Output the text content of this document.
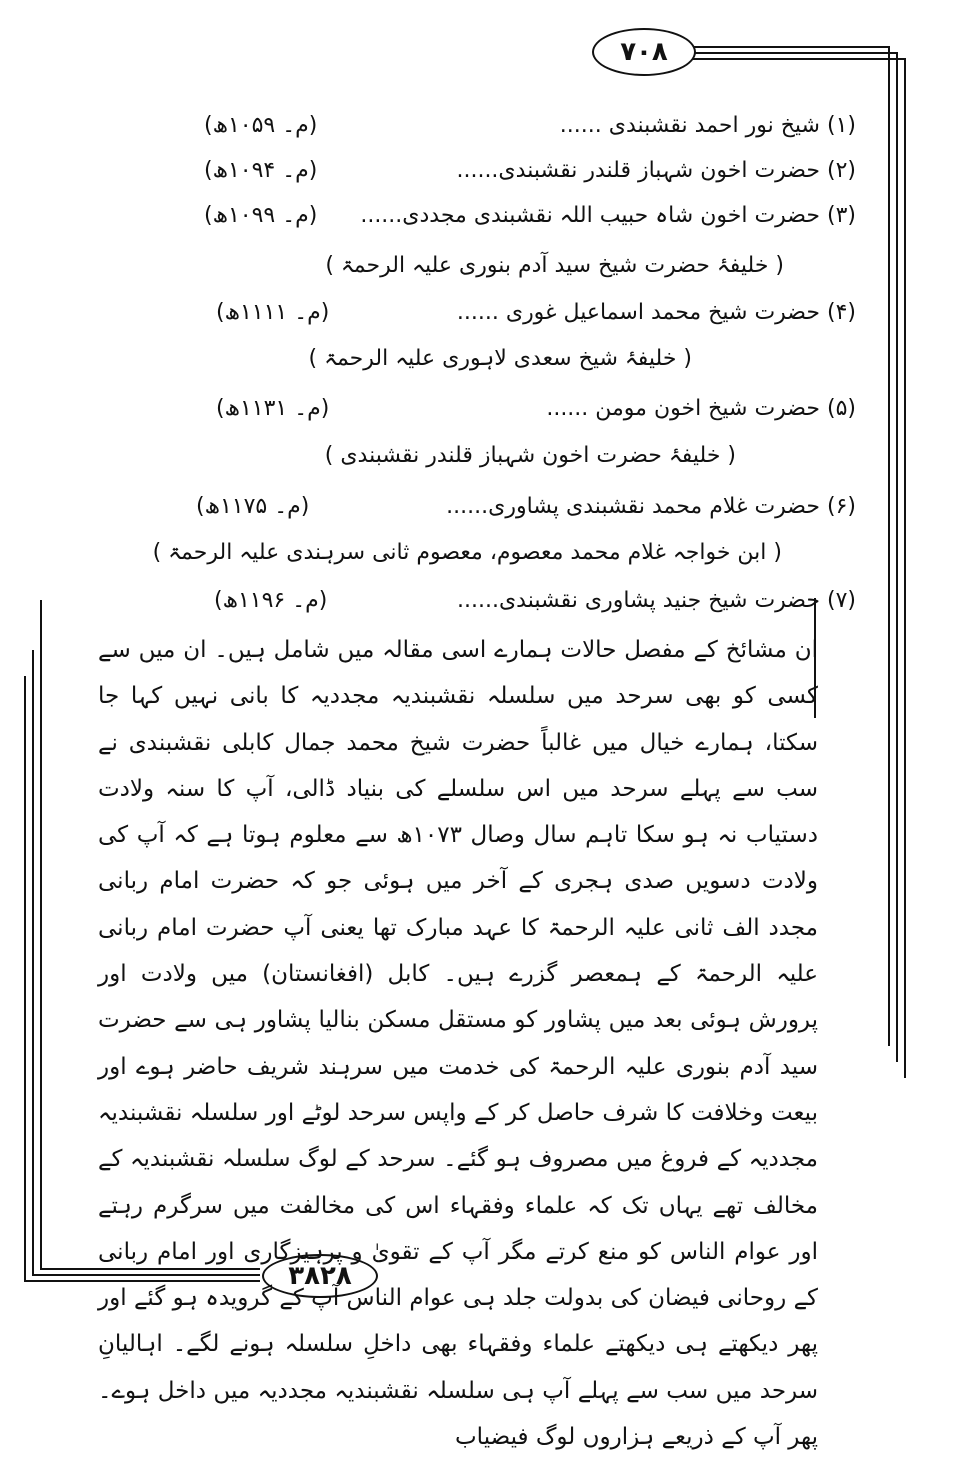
۷۰۸
۳۸۲۸
(۱) شیخ نور احمد نقشبندی ......
(م۔ ۱۰۵۹ھ)
(۲) حضرت اخون شہباز قلندر نقشبندی......
(م۔ ۱۰۹۴ھ)
(۳) حضرت اخون شاہ حبیب اللہ نقشبندی مجددی......
(م۔ ۱۰۹۹ھ)
( خلیفۂ حضرت شیخ سید آدم بنوری علیہ الرحمۃ )
(۴) حضرت شیخ محمد اسماعیل غوری ......
(م۔ ۱۱۱۱ھ)
( خلیفۂ شیخ سعدی لاہوری علیہ الرحمۃ )
(۵) حضرت شیخ اخون مومن ......
(م۔ ۱۱۳۱ھ)
( خلیفۂ حضرت اخون شہباز قلندر نقشبندی )
(۶) حضرت غلام محمد نقشبندی پشاوری......
(م۔ ۱۱۷۵ھ)
( ابن خواجہ غلام محمد معصوم، معصوم ثانی سرہندی علیہ الرحمۃ )
(۷) حضرت شیخ جنید پشاوری نقشبندی......
(م۔ ۱۱۹۶ھ)
ان مشائخ کے مفصل حالات ہمارے اسی مقالہ میں شامل ہیں۔ ان میں سے کسی کو بھی سرحد میں سلسلہ نقشبندیہ مجددیہ کا بانی نہیں کہا جا سکتا، ہمارے خیال میں غالباً حضرت شیخ محمد جمال کابلی نقشبندی نے سب سے پہلے سرحد میں اس سلسلے کی بنیاد ڈالی، آپ کا سنہ ولادت دستیاب نہ ہو سکا تاہم سال وصال ۱۰۷۳ھ سے معلوم ہوتا ہے کہ آپ کی ولادت دسویں صدی ہجری کے آخر میں ہوئی جو کہ حضرت امام ربانی مجدد الف ثانی علیہ الرحمۃ کا عہد مبارک تھا یعنی آپ حضرت امام ربانی علیہ الرحمۃ کے ہمعصر گزرے ہیں۔ کابل (افغانستان) میں ولادت اور پرورش ہوئی بعد میں پشاور کو مستقل مسکن بنالیا پشاور ہی سے حضرت سید آدم بنوری علیہ الرحمۃ کی خدمت میں سرہند شریف حاضر ہوے اور بیعت وخلافت کا شرف حاصل کر کے واپس سرحد لوٹے اور سلسلہ نقشبندیہ مجددیہ کے فروغ میں مصروف ہو گئے۔ سرحد کے لوگ سلسلہ نقشبندیہ کے مخالف تھے یہاں تک کہ علماء وفقہاء اس کی مخالفت میں سرگرم رہتے اور عوام الناس کو منع کرتے مگر آپ کے تقویٰ و پرہیزگاری اور امام ربانی کے روحانی فیضان کی بدولت جلد ہی عوام الناس آپ کے گرویدہ ہو گئے اور پھر دیکھتے ہی دیکھتے علماء وفقہاء بھی داخلِ سلسلہ ہونے لگے۔ اہالیانِ سرحد میں سب سے پہلے آپ ہی سلسلہ نقشبندیہ مجددیہ میں داخل ہوے۔ پھر آپ کے ذریعے ہزاروں لوگ فیضیاب
